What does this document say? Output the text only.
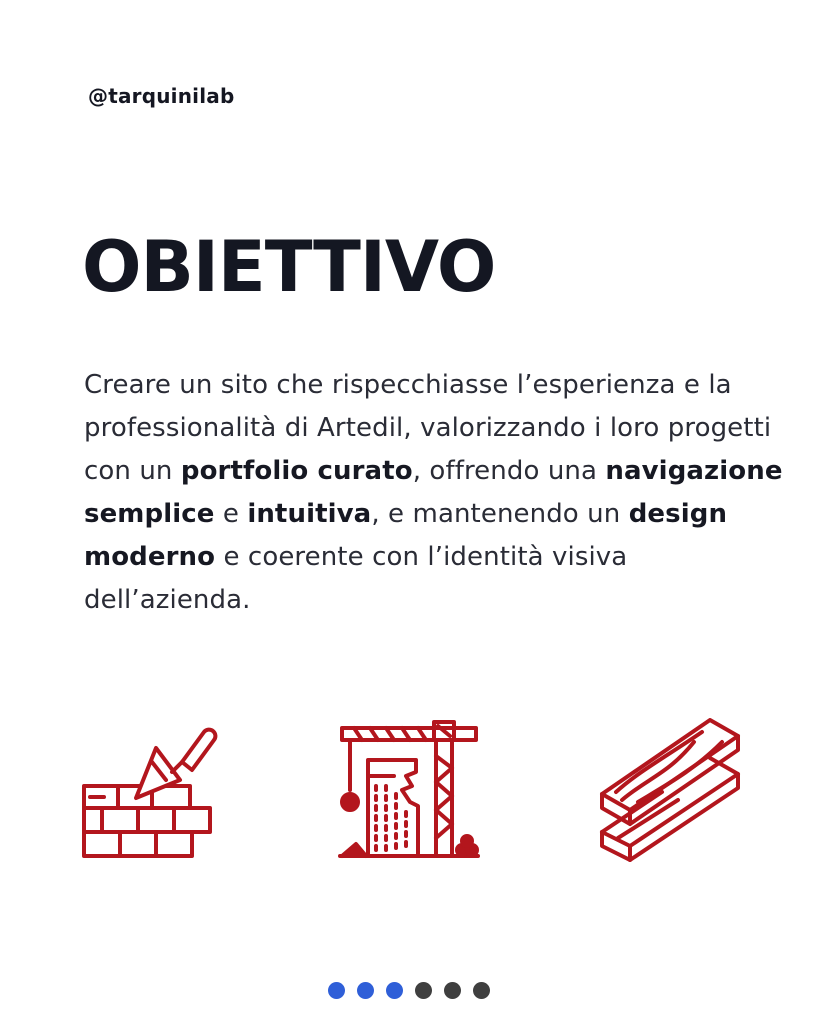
@tarquinilab
OBIETTIVO

Creare un sito che rispecchiasse l’esperienza e la professionalità di Artedil, valorizzando i loro progetti con un portfolio curato, offrendo una navigazione semplice e intuitiva, e mantenendo un design moderno e coerente con l’identità visiva dell’azienda.
